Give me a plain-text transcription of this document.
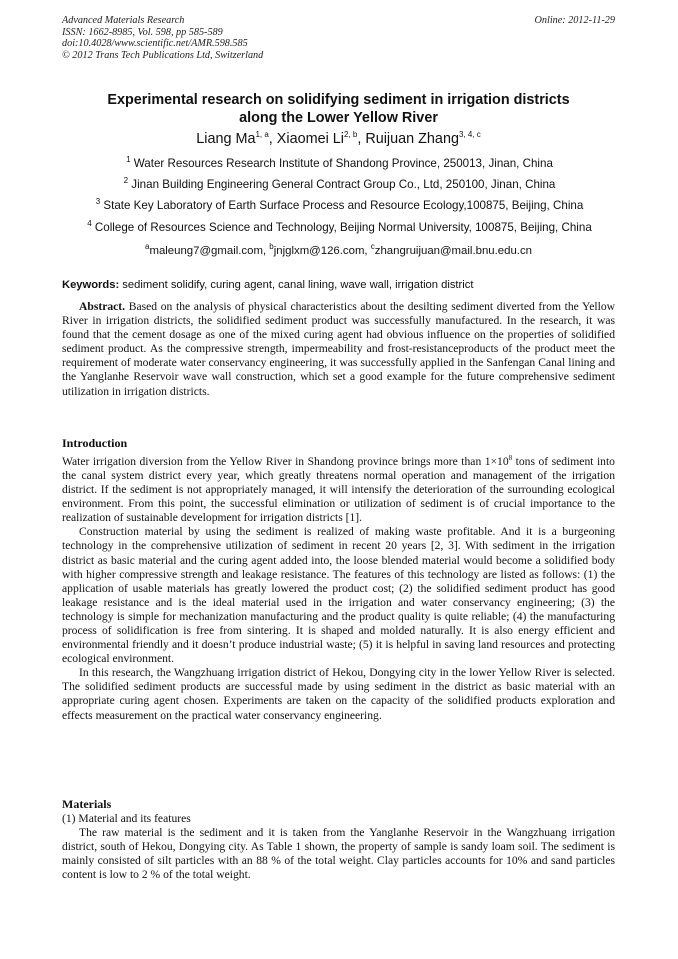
Advanced Materials Research
ISSN: 1662-8985, Vol. 598, pp 585-589
doi:10.4028/www.scientific.net/AMR.598.585
© 2012 Trans Tech Publications Ltd, Switzerland
Online: 2012-11-29
Experimental research on solidifying sediment in irrigation districts
along the Lower Yellow River
Liang Ma$^{1, a}$, Xiaomei Li$^{2, b}$, Ruijuan Zhang$^{3, 4, c}$
$^1$ Water Resources Research Institute of Shandong Province, 250013, Jinan, China
$^2$ Jinan Building Engineering General Contract Group Co., Ltd, 250100, Jinan, China
$^3$ State Key Laboratory of Earth Surface Process and Resource Ecology,100875, Beijing, China
$^4$ College of Resources Science and Technology, Beijing Normal University, 100875, Beijing, China
$^a$maleung7@gmail.com, $^b$jnjglxm@126.com, $^c$zhangruijuan@mail.bnu.edu.cn
Keywords: sediment solidify, curing agent, canal lining, wave wall, irrigation district

Abstract. Based on the analysis of physical characteristics about the desilting sediment diverted from the Yellow River in irrigation districts, the solidified sediment product was successfully manufactured. In the research, it was found that the cement dosage as one of the mixed curing agent had obvious influence on the properties of solidified sediment product. As the compressive strength, impermeability and frost-resistanceproducts of the product meet the requirement of moderate water conservancy engineering, it was successfully applied in the Sanfengan Canal lining and the Yanglanhe Reservoir wave wall construction, which set a good example for the future comprehensive sediment utilization in irrigation districts.

Introduction

Water irrigation diversion from the Yellow River in Shandong province brings more than $1\times 10^8$ tons of sediment into the canal system district every year, which greatly threatens normal operation and management of the irrigation district. If the sediment is not appropriately managed, it will intensify the deterioration of the surrounding ecological environment. From this point, the successful elimination or utilization of sediment is of crucial importance to the realization of sustainable development for irrigation districts [1].

Construction material by using the sediment is realized of making waste profitable. And it is a burgeoning technology in the comprehensive utilization of sediment in recent 20 years [2, 3]. With sediment in the irrigation district as basic material and the curing agent added into, the loose blended material would become a solidified body with higher compressive strength and leakage resistance. The features of this technology are listed as follows: (1) the application of usable materials has greatly lowered the product cost; (2) the solidified sediment product has good leakage resistance and is the ideal material used in the irrigation and water conservancy engineering; (3) the technology is simple for mechanization manufacturing and the product quality is quite reliable; (4) the manufacturing process of solidification is free from sintering. It is shaped and molded naturally. It is also energy efficient and environmental friendly and it doesn’t produce industrial waste; (5) it is helpful in saving land resources and protecting ecological environment.

In this research, the Wangzhuang irrigation district of Hekou, Dongying city in the lower Yellow River is selected. The solidified sediment products are successful made by using sediment in the district as basic material with an appropriate curing agent chosen. Experiments are taken on the capacity of the solidified products exploration and effects measurement on the practical water conservancy engineering.

Materials
(1) Material and its features

The raw material is the sediment and it is taken from the Yanglanhe Reservoir in the Wangzhuang irrigation district, south of Hekou, Dongying city. As Table 1 shown, the property of sample is sandy loam soil. The sediment is mainly consisted of silt particles with an 88 % of the total weight. Clay particles accounts for 10% and sand particles content is low to 2 % of the total weight.
